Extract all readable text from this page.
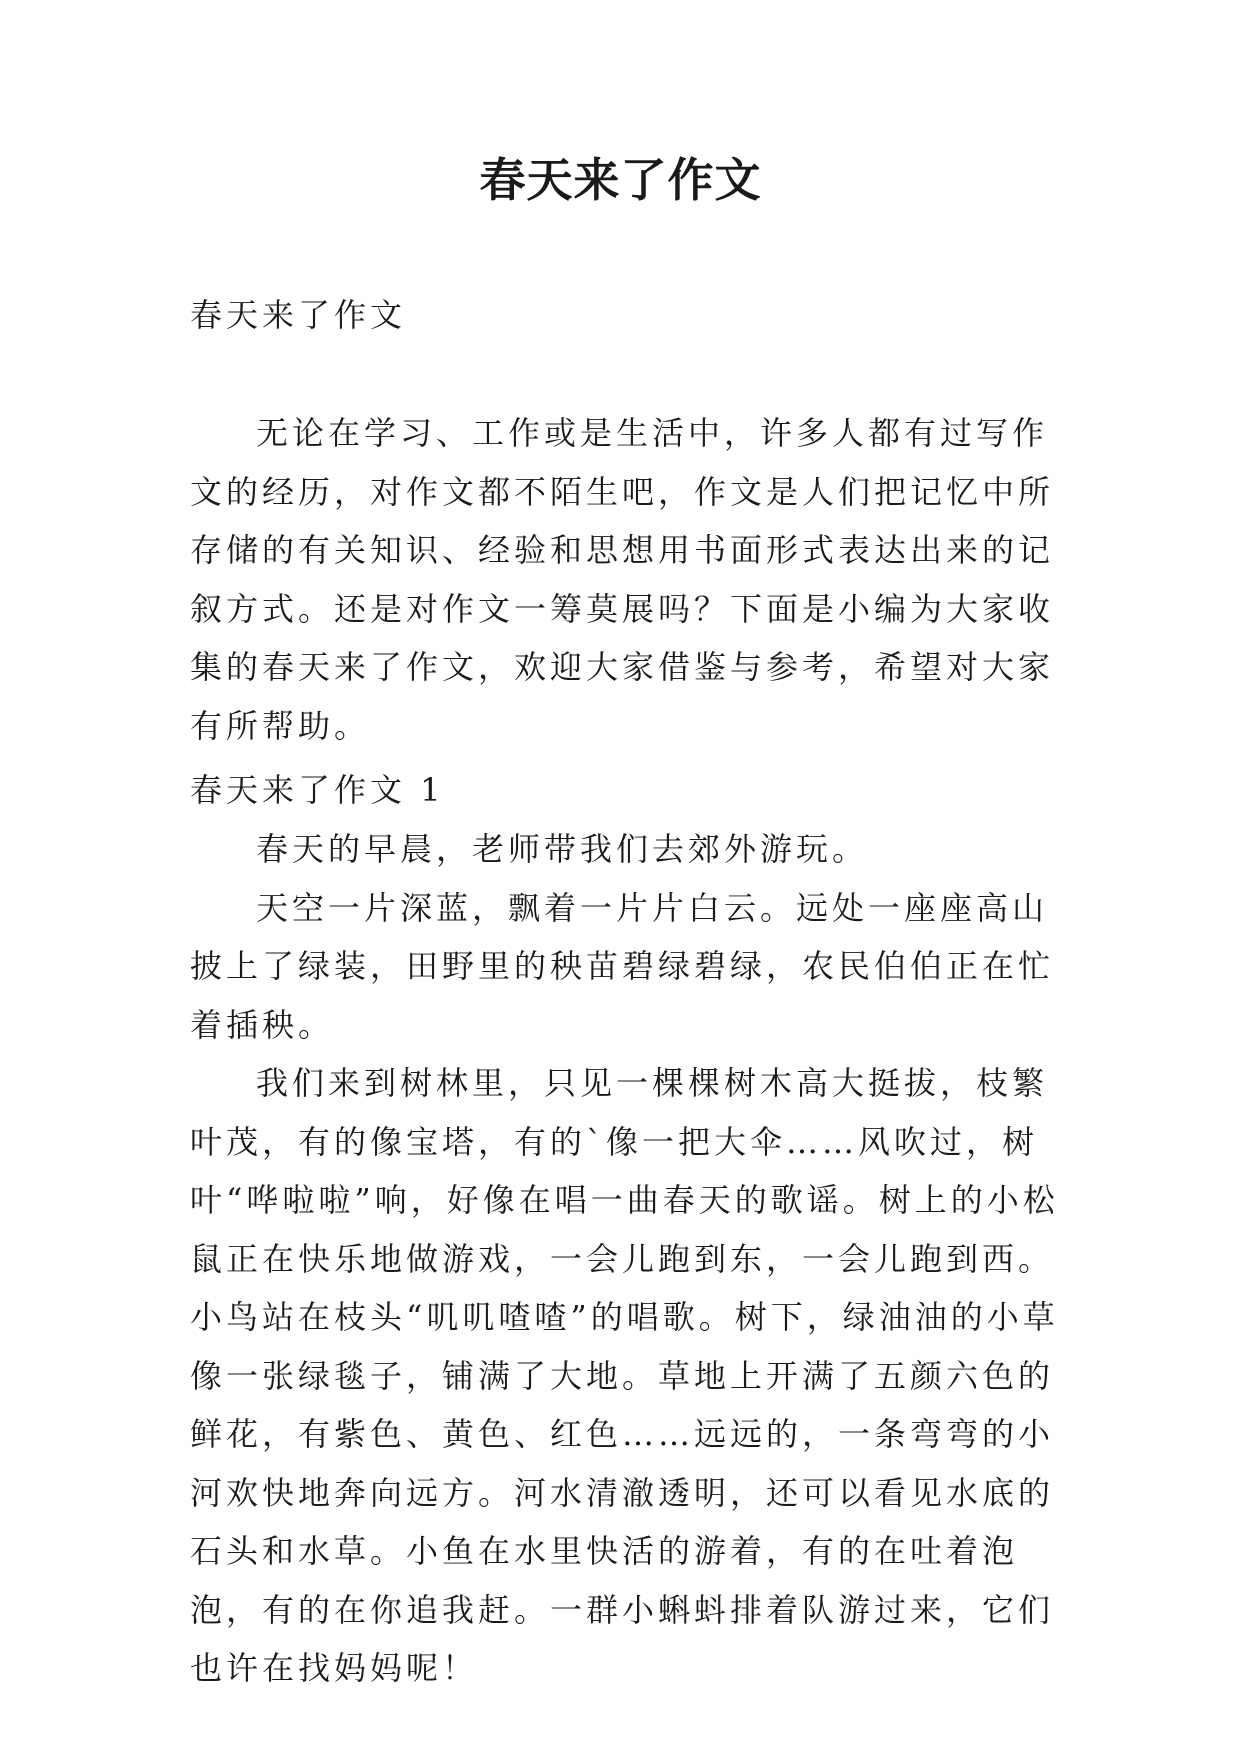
春天来了作文
春天来了作文

无论在学习、工作或是生活中，许多人都有过写作文的经历，对作文都不陌生吧，作文是人们把记忆中所存储的有关知识、经验和思想用书面形式表达出来的记叙方式。还是对作文一筹莫展吗？下面是小编为大家收集的春天来了作文，欢迎大家借鉴与参考，希望对大家有所帮助。

春天来了作文 1

春天的早晨，老师带我们去郊外游玩。

天空一片深蓝，飘着一片片白云。远处一座座高山披上了绿装，田野里的秧苗碧绿碧绿，农民伯伯正在忙着插秧。

我们来到树林里，只见一棵棵树木高大挺拔，枝繁叶茂，有的像宝塔，有的`像一把大伞……风吹过，树叶“哗啦啦”响，好像在唱一曲春天的歌谣。树上的小松鼠正在快乐地做游戏，一会儿跑到东，一会儿跑到西。小鸟站在枝头“叽叽喳喳”的唱歌。树下，绿油油的小草像一张绿毯子，铺满了大地。草地上开满了五颜六色的鲜花，有紫色、黄色、红色……远远的，一条弯弯的小河欢快地奔向远方。河水清澈透明，还可以看见水底的石头和水草。小鱼在水里快活的游着，有的在吐着泡泡，有的在你追我赶。一群小蝌蚪排着队游过来，它们也许在找妈妈呢！
